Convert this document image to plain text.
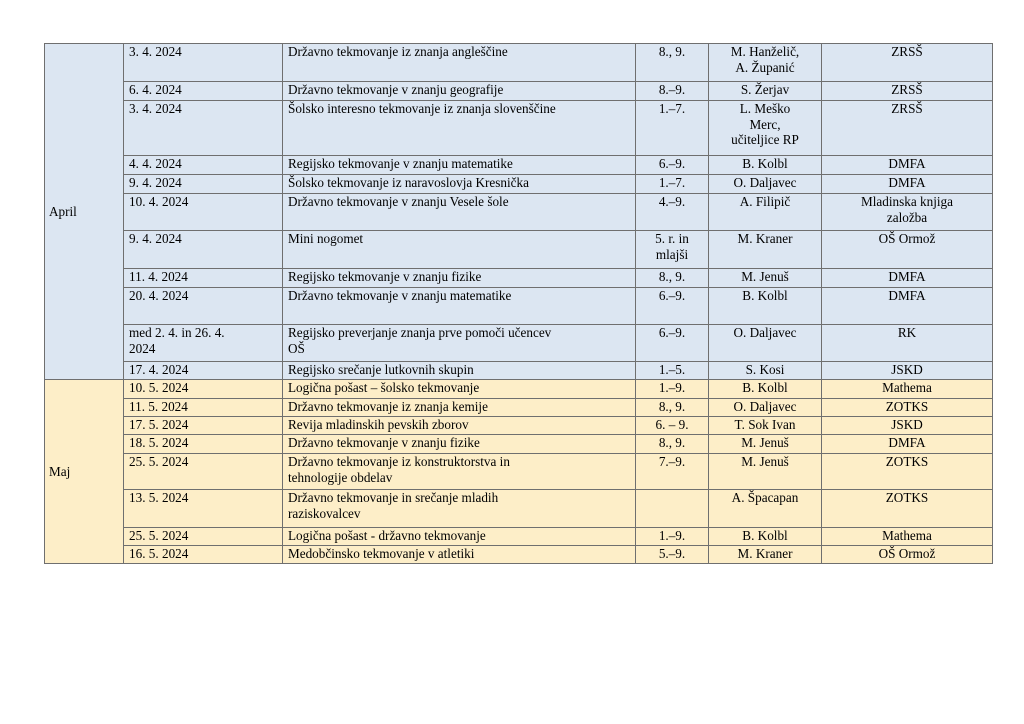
April	3. 4. 2024	Državno tekmovanje iz znanja angleščine	8., 9.	M. Hanželič,
A. Županić	ZRSŠ
	6. 4. 2024	Državno tekmovanje v znanju geografije	8.–9.	S. Žerjav	ZRSŠ
	3. 4. 2024	Šolsko interesno tekmovanje iz znanja slovenščine	1.–7.	L. Meško
Merc,
učiteljice RP	ZRSŠ
	4. 4. 2024	Regijsko tekmovanje v znanju matematike	6.–9.	B. Kolbl	DMFA
	9. 4. 2024	Šolsko tekmovanje iz naravoslovja Kresnička	1.–7.	O. Daljavec	DMFA
	10. 4. 2024	Državno tekmovanje v znanju Vesele šole	4.–9.	A. Filipič	Mladinska knjiga
založba
	9. 4. 2024	Mini nogomet	5. r. in
mlajši	M. Kraner	OŠ Ormož
	11. 4. 2024	Regijsko tekmovanje v znanju fizike	8., 9.	M. Jenuš	DMFA
	20. 4. 2024	Državno tekmovanje v znanju matematike	6.–9.	B. Kolbl	DMFA
	med 2. 4. in 26. 4.
2024	Regijsko preverjanje znanja prve pomoči učencev
OŠ	6.–9.	O. Daljavec	RK
	17. 4. 2024	Regijsko srečanje lutkovnih skupin	1.–5.	S. Kosi	JSKD
Maj	10. 5. 2024	Logična pošast – šolsko tekmovanje	1.–9.	B. Kolbl	Mathema
	11. 5. 2024	Državno tekmovanje iz znanja kemije	8., 9.	O. Daljavec	ZOTKS
	17. 5. 2024	Revija mladinskih pevskih zborov	6. – 9.	T. Sok Ivan	JSKD
	18. 5. 2024	Državno tekmovanje v znanju fizike	8., 9.	M. Jenuš	DMFA
	25. 5. 2024	Državno tekmovanje iz konstruktorstva in
tehnologije obdelav	7.–9.	M. Jenuš	ZOTKS
	13. 5. 2024	Državno tekmovanje in srečanje mladih
raziskovalcev		A. Špacapan	ZOTKS
	25. 5. 2024	Logična pošast - državno tekmovanje	1.–9.	B. Kolbl	Mathema
	16. 5. 2024	Medobčinsko tekmovanje v atletiki	5.–9.	M. Kraner	OŠ Ormož
